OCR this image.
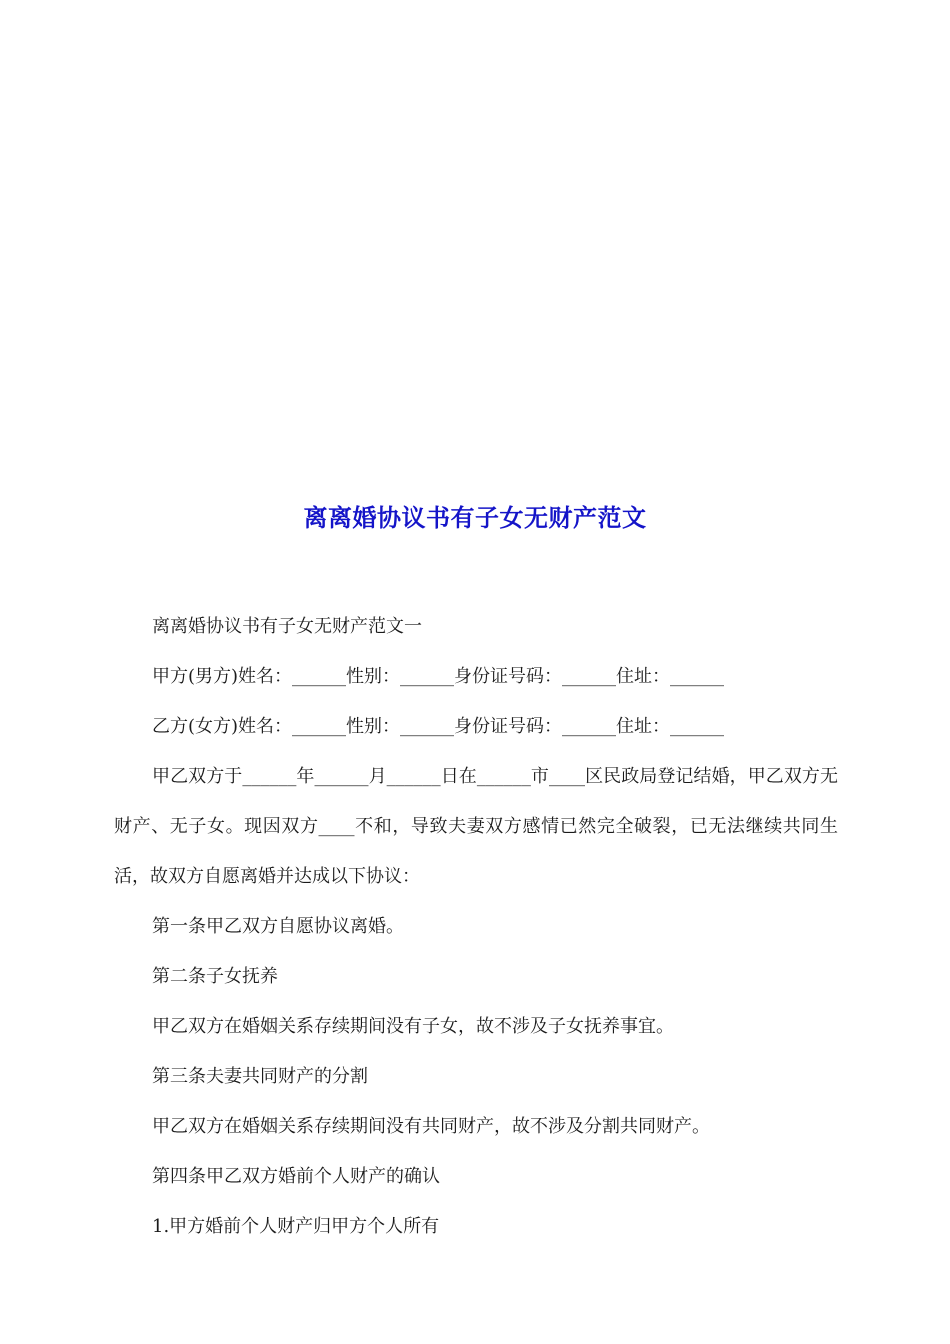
离离婚协议书有子女无财产范文

离离婚协议书有子女无财产范文一

甲方(男方)姓名：______性别：______身份证号码：______住址：______

乙方(女方)姓名：______性别：______身份证号码：______住址：______

甲乙双方于______年______月______日在______市____区民政局登记结婚，甲乙双方无财产、无子女。现因双方____不和，导致夫妻双方感情已然完全破裂，已无法继续共同生活，故双方自愿离婚并达成以下协议：

第一条甲乙双方自愿协议离婚。

第二条子女抚养

甲乙双方在婚姻关系存续期间没有子女，故不涉及子女抚养事宜。

第三条夫妻共同财产的分割

甲乙双方在婚姻关系存续期间没有共同财产，故不涉及分割共同财产。

第四条甲乙双方婚前个人财产的确认

1.甲方婚前个人财产归甲方个人所有
